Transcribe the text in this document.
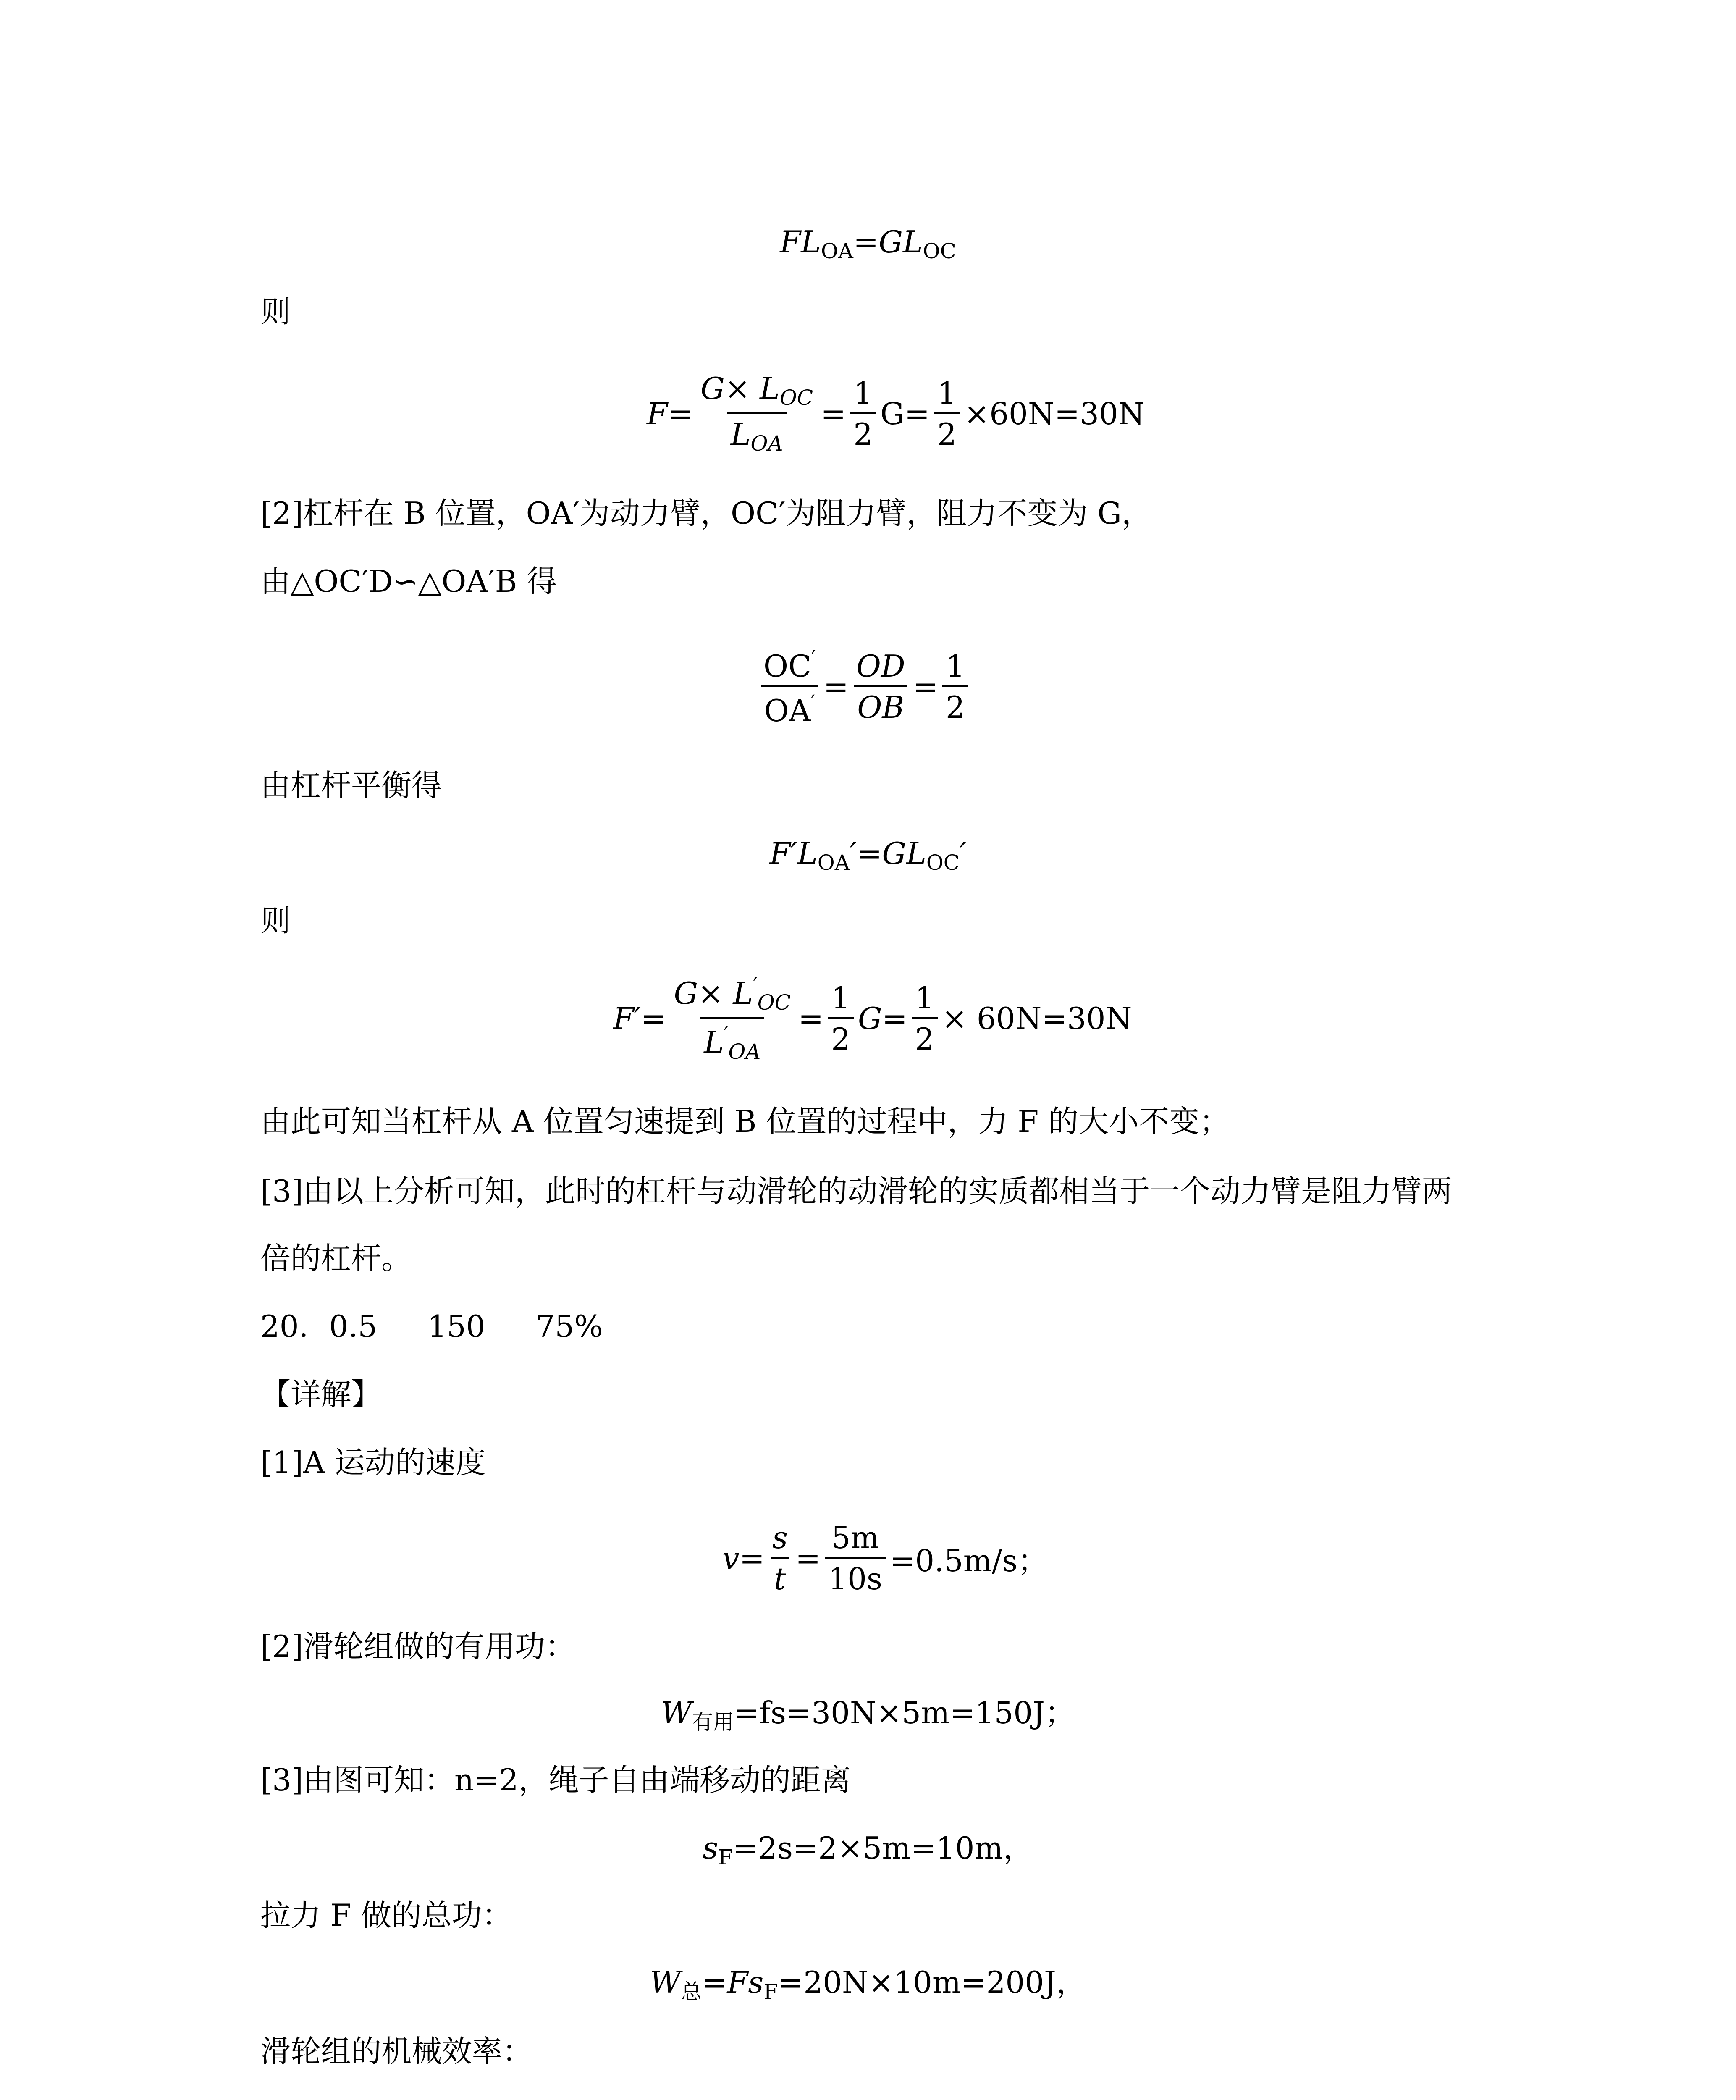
$FL_{OA}=GL_{OC}$
则
$F= \frac{\text{G× LOC}}{\text{LOA}} = \frac{1}{2} G= \frac{1}{2} \times 60N=30N$
[2]杠杆在 B 位置，OA′为动力臂，OC′为阻力臂，阻力不变为 G，
由△OC′D∽△OA′B 得
$\frac{OC'}{OA'} = \frac{OD}{OB} = \frac{1}{2}$
由杠杆平衡得
$F'L_{OA}'=GL_{OC}'$
则
$F'= \frac{G\times L'OC}{L'OA} = \frac{1}{2}$ $G = \frac{1}{2} \times 60N=30N$
由此可知当杠杆从 A 位置匀速提到 B 位置的过程中，力 F 的大小不变；
[3]由以上分析可知，此时的杠杆与动滑轮的动滑轮的实质都相当于一个动力臂是阻力臂两
倍的杠杆。
20．0.5 150 75%
【详解】
[1]A 运动的速度
$v= \frac{s}{t} = \frac{5m}{10s} =0.5m/s$；
[2]滑轮组做的有用功：
$W_{有用}=fs=30N\times 5m=150J$；
[3]由图可知：n=2，绳子自由端移动的距离
$s_F=2s=2\times 5m=10m$，
拉力 F 做的总功：
$W_总=Fs_F=20N\times 10m=200J$，
滑轮组的机械效率：
